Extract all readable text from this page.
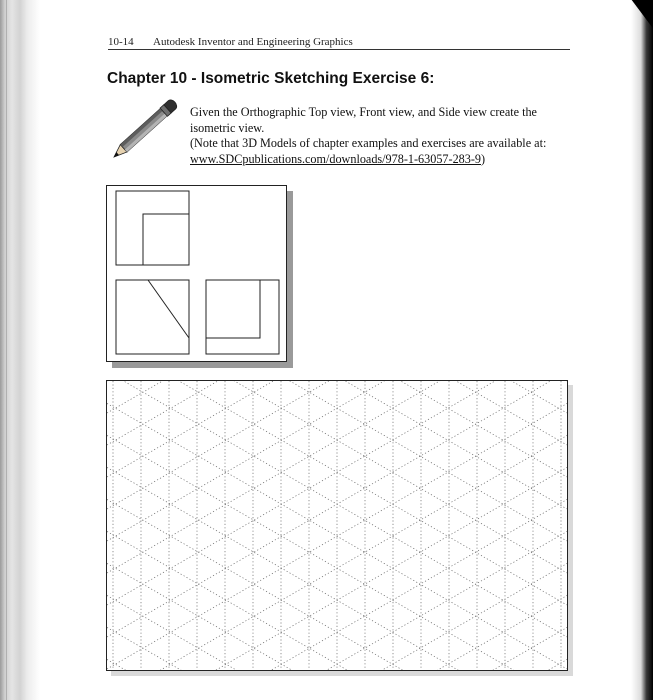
10-14 Autodesk Inventor and Engineering Graphics
Chapter 10 - Isometric Sketching Exercise 6:

Given the Orthographic Top view, Front view, and Side view create the isometric view.

(Note that 3D Models of chapter examples and exercises are available at:
www.SDCpublications.com/downloads/978-1-63057-283-9)
